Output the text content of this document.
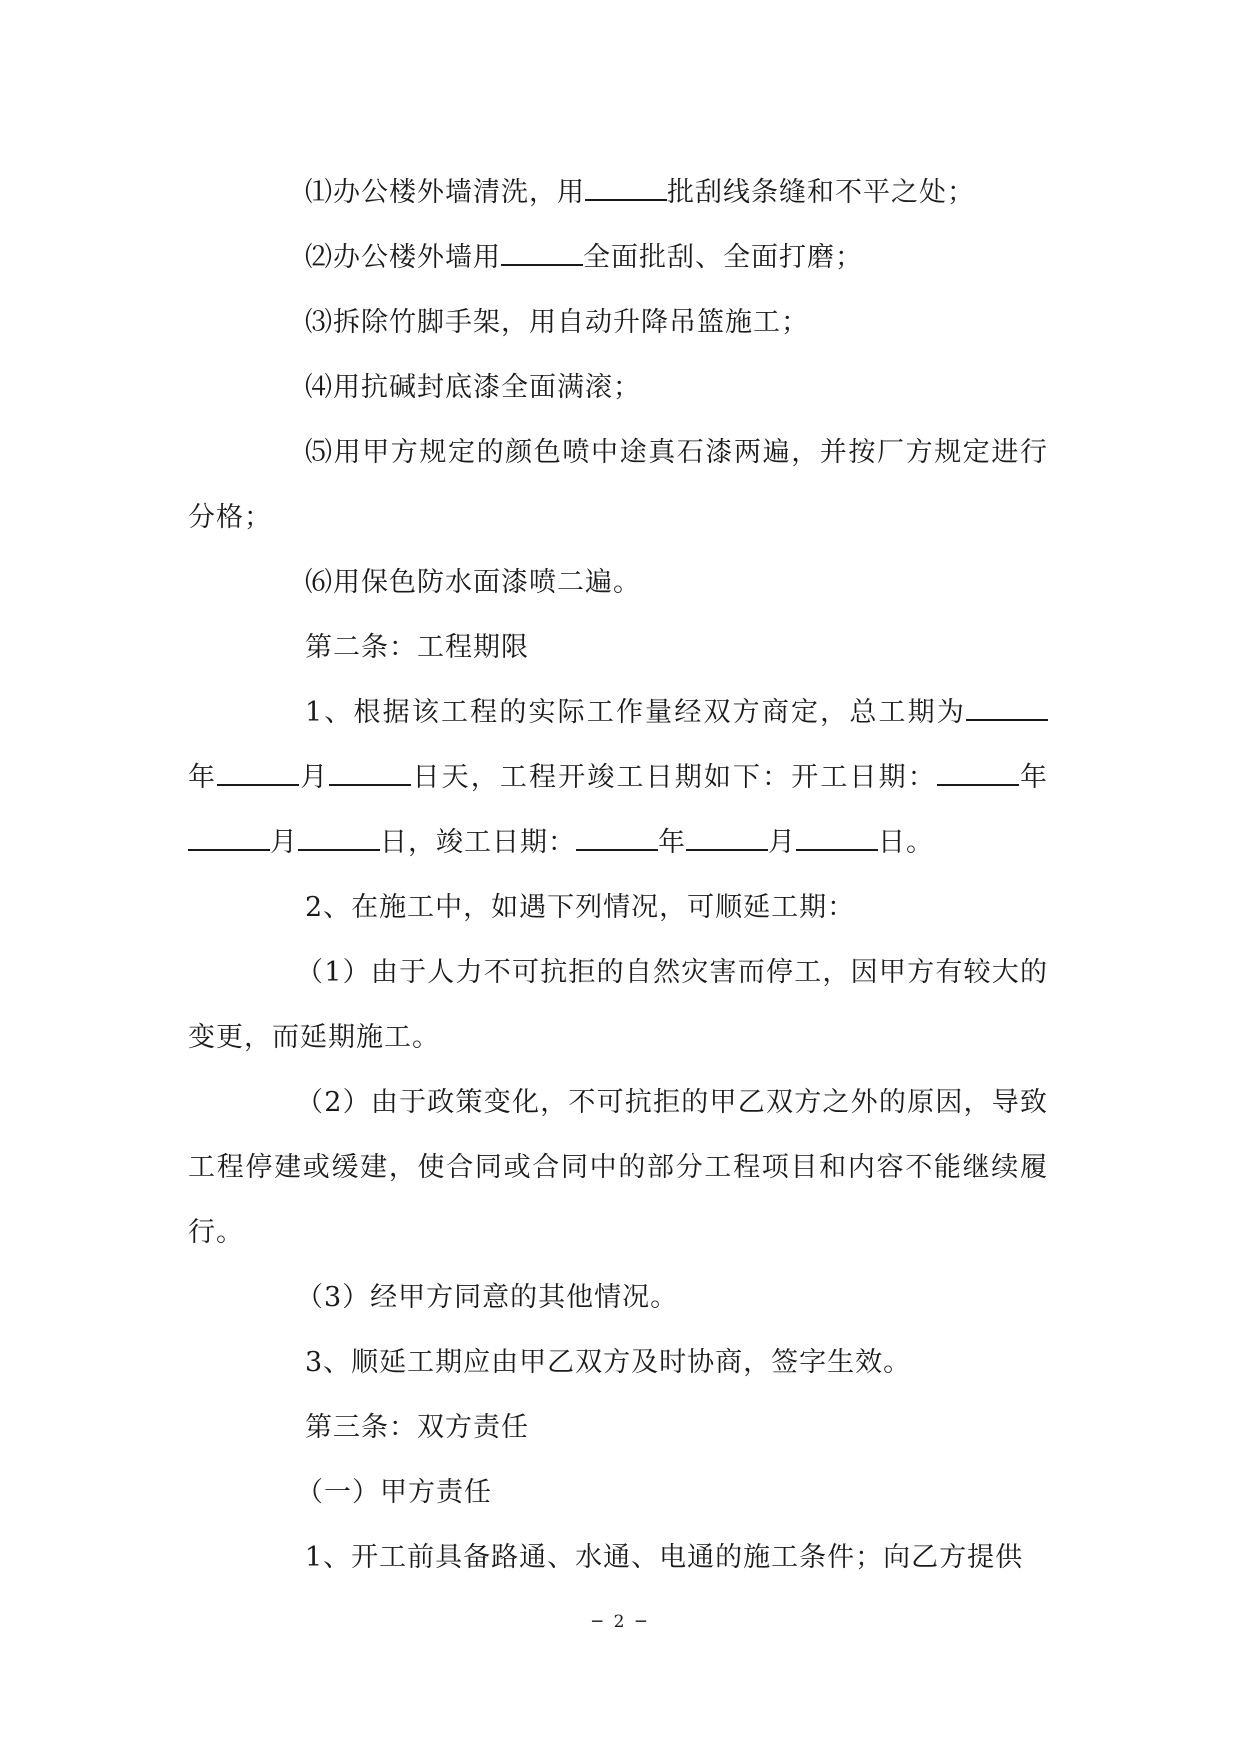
⑴办公楼外墙清洗，用	批刮线条缝和不平之处；

⑵办公楼外墙用	全面批刮、全面打磨；

⑶拆除竹脚手架，用自动升降吊篮施工；

⑷用抗碱封底漆全面满滚；

⑸用甲方规定的颜色喷中途真石漆两遍，并按厂方规定进行分格；

⑹用保色防水面漆喷二遍。

第二条：工程期限

1、根据该工程的实际工作量经双方商定，总工期为年	月	日天，工程开竣工日期如下：开工日期：	年月	日，竣工日期：	年	月	日。

2、在施工中，如遇下列情况，可顺延工期：

（1）由于人力不可抗拒的自然灾害而停工，因甲方有较大的变更，而延期施工。

（2）由于政策变化，不可抗拒的甲乙双方之外的原因，导致工程停建或缓建，使合同或合同中的部分工程项目和内容不能继续履行。

（3）经甲方同意的其他情况。

3、顺延工期应由甲乙双方及时协商，签字生效。

第三条：双方责任

（一）甲方责任

1、开工前具备路通、水通、电通的施工条件；向乙方提供

─ 2 ─
